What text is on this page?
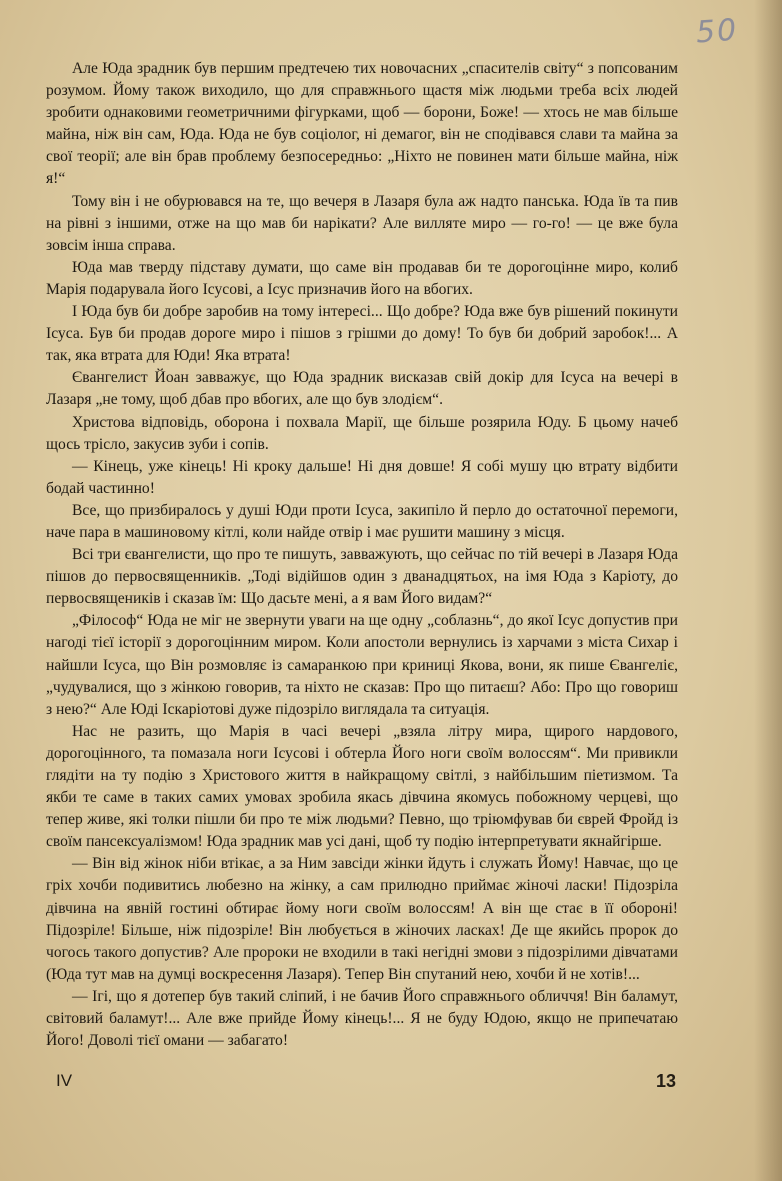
50

Але Юда зрадник був першим предтечею тих новочасних „спасителів світу“ з попсованим розумом. Йому також виходило, що для справжнього щастя між людьми треба всіх людей зробити однаковими геометричними фігурками, щоб — борони, Боже! — хтось не мав більше майна, ніж він сам, Юда. Юда не був соціолог, ні демагог, він не сподівався слави та майна за свої теорії; але він брав проблему безпосередньо: „Ніхто не повинен мати більше майна, ніж я!“

Тому він і не обурювався на те, що вечеря в Лазаря була аж надто панська. Юда їв та пив на рівні з іншими, отже на що мав би нарікати? Але вилляте миро — го-го! — це вже була зовсім інша справа.

Юда мав тверду підставу думати, що саме він продавав би те дорогоцінне миро, колиб Марія подарувала його Ісусові, а Ісус призначив його на вбогих.

І Юда був би добре заробив на тому інтересі... Що добре? Юда вже був рішений покинути Ісуса. Був би продав дороге миро і пішов з грішми до дому! То був би добрий заробок!... А так, яка втрата для Юди! Яка втрата!

Євангелист Йоан завважує, що Юда зрадник висказав свій докір для Ісуса на вечері в Лазаря „не тому, щоб дбав про вбогих, але що був злодієм“.

Христова відповідь, оборона і похвала Марії, ще більше розярила Юду. Б цьому начеб щось трісло, закусив зуби і сопів.

— Кінець, уже кінець! Ні кроку дальше! Ні дня довше! Я собі мушу цю втрату відбити бодай частинно!

Все, що призбиралось у душі Юди проти Ісуса, закипіло й перло до остаточної перемоги, наче пара в машиновому кітлі, коли найде отвір і має рушити машину з місця.

Всі три євангелисти, що про те пишуть, завважують, що сейчас по тій вечері в Лазаря Юда пішов до первосвященників. „Тоді відійшов один з дванадцятьох, на імя Юда з Каріоту, до первосвящеників і сказав їм: Що дасьте мені, а я вам Його видам?“

„Філософ“ Юда не міг не звернути уваги на ще одну „соблазнь“, до якої Ісус допустив при нагоді тієї історії з дорогоцінним миром. Коли апостоли вернулись із харчами з міста Сихар і найшли Ісуса, що Він розмовляє із самаранкою при криниці Якова, вони, як пише Євангеліє, „чудувалися, що з жінкою говорив, та ніхто не сказав: Про що питаєш? Або: Про що говориш з нею?“ Але Юді Іскаріотові дуже підозріло виглядала та ситуація.

Нас не разить, що Марія в часі вечері „взяла літру мира, щирого нардового, дорогоцінного, та помазала ноги Ісусові і обтерла Його ноги своїм волоссям“. Ми привикли глядіти на ту подію з Христового життя в найкращому світлі, з найбільшим піетизмом. Та якби те саме в таких самих умовах зробила якась дівчина якомусь побожному черцеві, що тепер живе, які толки пішли би про те між людьми? Певно, що тріюмфував би єврей Фройд із своїм пансексуалізмом! Юда зрадник мав усі дані, щоб ту подію інтерпретувати якнайгірше.

— Він від жінок ніби втікає, а за Ним завсіди жінки йдуть і служать Йому! Навчає, що це гріх хочби подивитись любезно на жінку, а сам прилюдно приймає жіночі ласки! Підозріла дівчина на явній гостині обтирає йому ноги своїм волоссям! А він ще стає в її обороні! Підозріле! Більше, ніж підозріле! Він любується в жіночих ласках! Де ще якийсь пророк до чогось такого допустив? Але пророки не входили в такі негідні змови з підозрілими дівчатами (Юда тут мав на думці воскресення Лазаря). Тепер Він спутаний нею, хочби й не хотів!...

— Ігі, що я дотепер був такий сліпий, і не бачив Його справжнього обличчя! Він баламут, світовий баламут!... Але вже прийде Йому кінець!... Я не буду Юдою, якщо не припечатаю Його! Доволі тієї омани — забагато!

IV	13
